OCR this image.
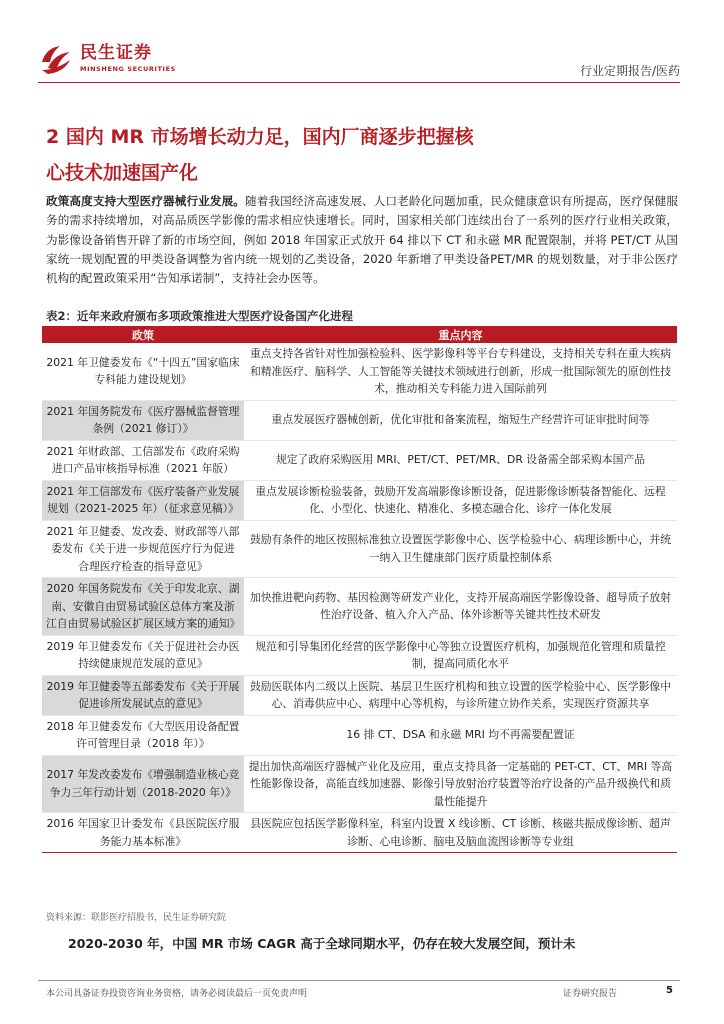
民生证券
MINSHENG SECURITIES	行业定期报告/医药
2 国内 MR 市场增长动力足，国内厂商逐步把握核
心技术加速国产化
政策高度支持大型医疗器械行业发展。随着我国经济高速发展、人口老龄化问题加重，民众健康意识有所提高，医疗保健服务的需求持续增加，对高品质医学影像的需求相应快速增长。同时，国家相关部门连续出台了一系列的医疗行业相关政策，为影像设备销售开辟了新的市场空间，例如 2018 年国家正式放开 64 排以下 CT 和永磁 MR 配置限制，并将 PET/CT 从国家统一规划配置的甲类设备调整为省内统一规划的乙类设备，2020 年新增了甲类设备PET/MR 的规划数量，对于非公医疗机构的配置政策采用“告知承诺制”，支持社会办医等。
表2：近年来政府颁布多项政策推进大型医疗设备国产化进程
政策	重点内容
2021 年卫健委发布《“十四五”国家临床专科能力建设规划》	重点支持各省针对性加强检验科、医学影像科等平台专科建设，支持相关专科在重大疾病和精准医疗、脑科学、人工智能等关键技术领域进行创新，形成一批国际领先的原创性技术，推动相关专科能力进入国际前列
2021 年国务院发布《医疗器械监督管理条例（2021 修订）》	重点发展医疗器械创新，优化审批和备案流程，缩短生产经营许可证审批时间等
2021 年财政部、工信部发布《政府采购进口产品审核指导标准（2021 年版）	规定了政府采购医用 MRI、PET/CT、PET/MR、DR 设备需全部采购本国产品
2021 年工信部发布《医疗装备产业发展规划（2021-2025 年）（征求意见稿）》	重点发展诊断检验装备，鼓励开发高端影像诊断设备，促进影像诊断装备智能化、远程化、小型化、快速化、精准化、多模态融合化、诊疗一体化发展
2021 年卫健委、发改委、财政部等八部委发布《关于进一步规范医疗行为促进合理医疗检查的指导意见》	鼓励有条件的地区按照标准独立设置医学影像中心、医学检验中心、病理诊断中心，并统一纳入卫生健康部门医疗质量控制体系
2020 年国务院发布《关于印发北京、湖南、安徽自由贸易试验区总体方案及浙江自由贸易试验区扩展区域方案的通知》	加快推进靶向药物、基因检测等研发产业化，支持开展高端医学影像设备、超导质子放射性治疗设备、植入介入产品、体外诊断等关键共性技术研发
2019 年卫健委发布《关于促进社会办医持续健康规范发展的意见》	规范和引导集团化经营的医学影像中心等独立设置医疗机构，加强规范化管理和质量控制，提高同质化水平
2019 年卫健委等五部委发布《关于开展促进诊所发展试点的意见》	鼓励医联体内二级以上医院、基层卫生医疗机构和独立设置的医学检验中心、医学影像中心、消毒供应中心、病理中心等机构，与诊所建立协作关系，实现医疗资源共享
2018 年卫健委发布《大型医用设备配置许可管理目录（2018 年）》	16 排 CT、DSA 和永磁 MRI 均不再需要配置证
2017 年发改委发布《增强制造业核心竞争力三年行动计划（2018-2020 年）》	提出加快高端医疗器械产业化及应用，重点支持具备一定基础的 PET-CT、CT、MRI 等高性能影像设备，高能直线加速器、影像引导放射治疗装置等治疗设备的产品升级换代和质量性能提升
2016 年国家卫计委发布《县医院医疗服务能力基本标准》	县医院应包括医学影像科室，科室内设置 X 线诊断、CT 诊断、核磁共振成像诊断、超声诊断、心电诊断、脑电及脑血流图诊断等专业组
资料来源：联影医疗招股书，民生证券研究院
2020-2030 年，中国 MR 市场 CAGR 高于全球同期水平，仍存在较大发展空间，预计未
本公司具备证券投资咨询业务资格，请务必阅读最后一页免责声明	证券研究报告	5
